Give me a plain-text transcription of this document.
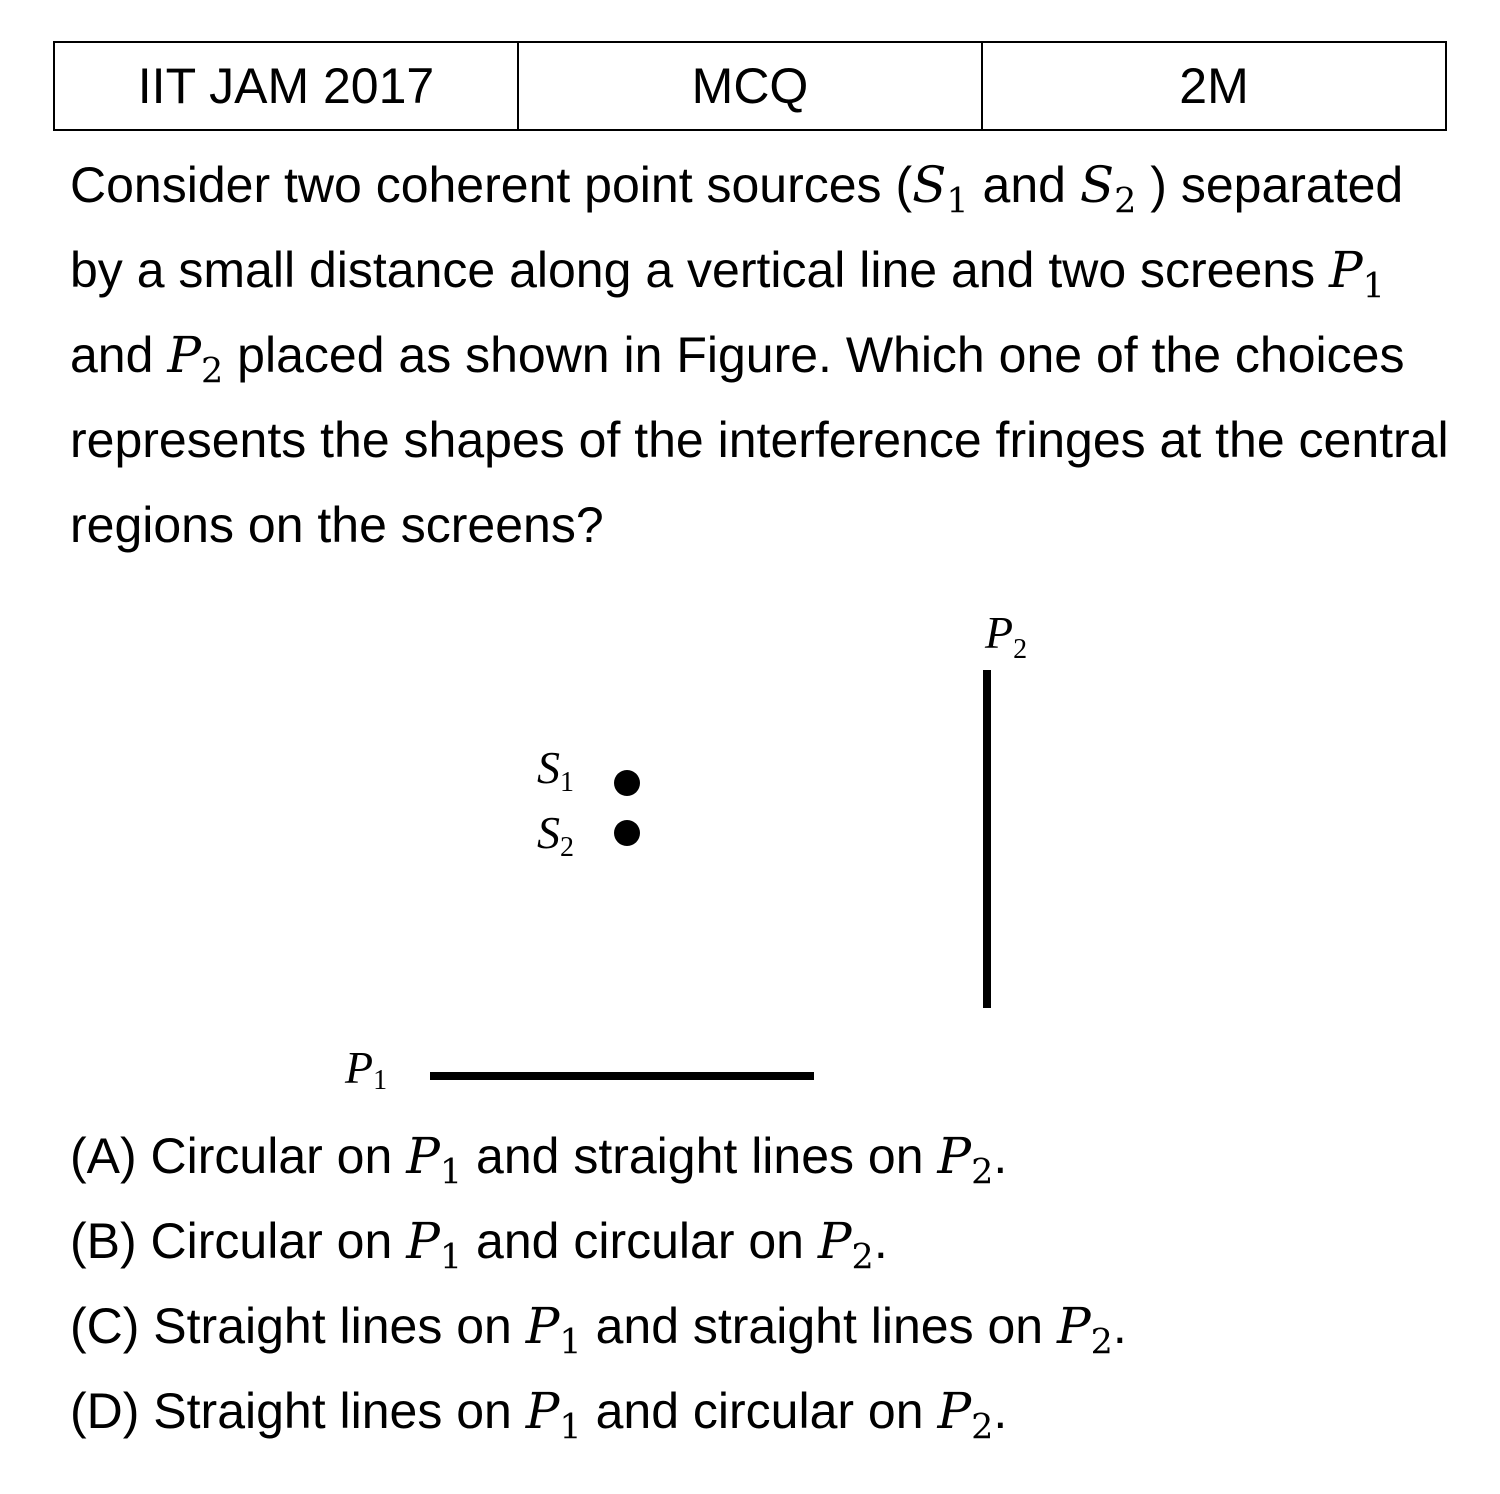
IIT JAM 2017	MCQ	2M
Consider two coherent point sources ($S_1$ and $S_2$ ) separated by a small distance along a vertical line and two screens $P_1$ and $P_2$ placed as shown in Figure. Which one of the choices represents the shapes of the interference fringes at the central regions on the screens?
$P_2$
S1
S2
P1
(A) Circular on $P_1$ and straight lines on $P_2$.
(B) Circular on $P_1$ and circular on $P_2$.
(C) Straight lines on $P_1$ and straight lines on $P_2$.
(D) Straight lines on $P_1$ and circular on $P_2$.
